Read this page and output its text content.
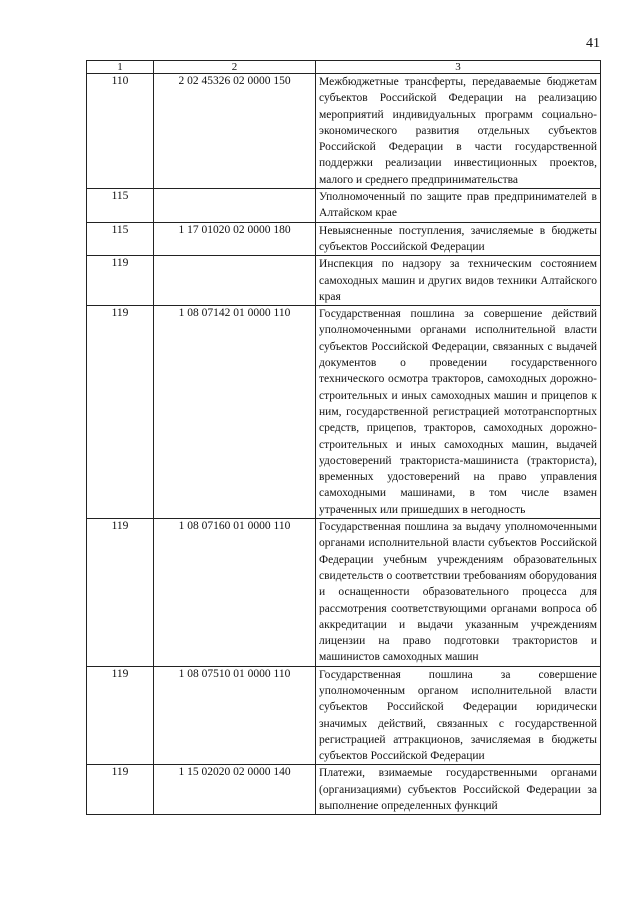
41
1	2	3
110	2 02 45326 02 0000 150	Межбюджетные трансферты, передаваемые бюджетам субъектов Российской Федерации на реализацию мероприятий индивидуальных программ социально-экономического развития отдельных субъектов Российской Федерации в части государственной поддержки реализации инвестиционных проектов, малого и среднего предпринимательства
115		Уполномоченный по защите прав предпринимателей в Алтайском крае
115	1 17 01020 02 0000 180	Невыясненные поступления, зачисляемые в бюджеты субъектов Российской Федерации
119		Инспекция по надзору за техническим состоянием самоходных машин и других видов техники Алтайского края
119	1 08 07142 01 0000 110	Государственная пошлина за совершение действий уполномоченными органами исполнительной власти субъектов Российской Федерации, связанных с выдачей документов о проведении государственного технического осмотра тракторов, самоходных дорожно-строительных и иных самоходных машин и прицепов к ним, государственной регистрацией мототранспортных средств, прицепов, тракторов, самоходных дорожно-строительных и иных самоходных машин, выдачей удостоверений тракториста-машиниста (тракториста), временных удостоверений на право управления самоходными машинами, в том числе взамен утраченных или пришедших в негодность
119	1 08 07160 01 0000 110	Государственная пошлина за выдачу уполномоченными органами исполнительной власти субъектов Российской Федерации учебным учреждениям образовательных свидетельств о соответствии требованиям оборудования и оснащенности образовательного процесса для рассмотрения соответствующими органами вопроса об аккредитации и выдачи указанным учреждениям лицензии на право подготовки трактористов и машинистов самоходных машин
119	1 08 07510 01 0000 110	Государственная пошлина за совершение уполномоченным органом исполнительной власти субъектов Российской Федерации юридически значимых действий, связанных с государственной регистрацией аттракционов, зачисляемая в бюджеты субъектов Российской Федерации
119	1 15 02020 02 0000 140	Платежи, взимаемые государственными органами (организациями) субъектов Российской Федерации за выполнение определенных функций
